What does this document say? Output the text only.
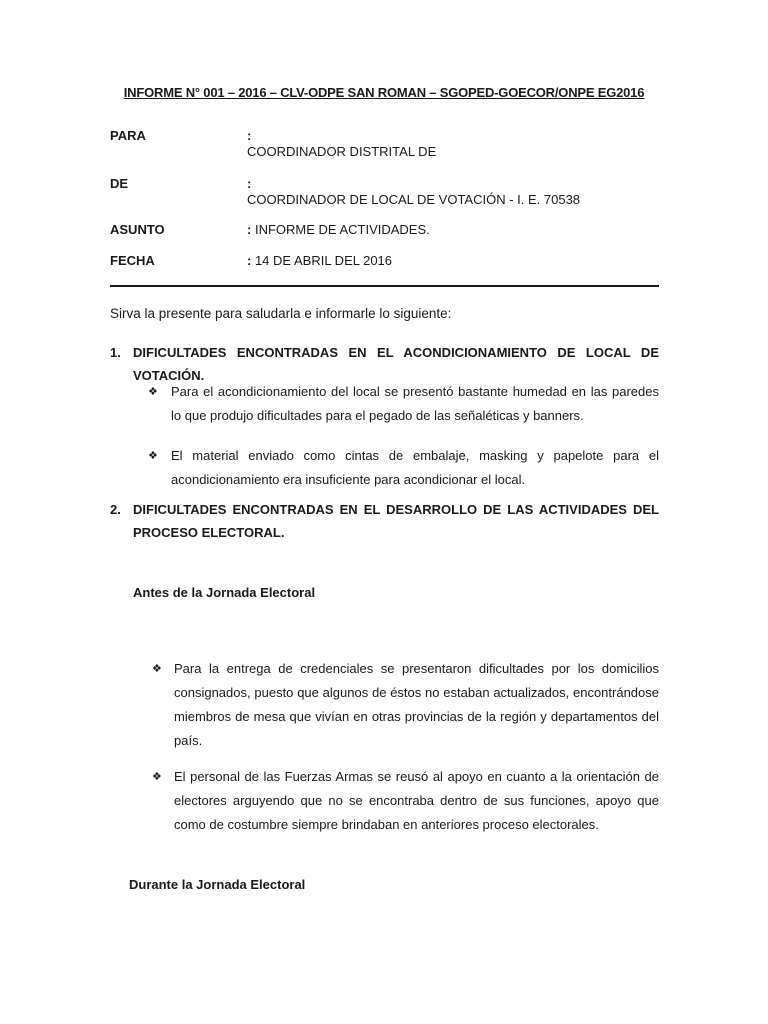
INFORME N° 001 – 2016 – CLV-ODPE SAN ROMAN – SGOPED-GOECOR/ONPE EG2016
PARA	:
COORDINADOR DISTRITAL DE
DE	:
COORDINADOR DE LOCAL DE VOTACIÓN - I. E. 70538
ASUNTO	: INFORME DE ACTIVIDADES.
FECHA	: 14 DE ABRIL DEL 2016
Sirva la presente para saludarla e informarle lo siguiente:
1. DIFICULTADES ENCONTRADAS EN EL ACONDICIONAMIENTO DE LOCAL DE VOTACIÓN.
❖ Para el acondicionamiento del local se presentó bastante humedad en las paredes lo que produjo dificultades para el pegado de las señaléticas y banners.
❖ El material enviado como cintas de embalaje, masking y papelote para el acondicionamiento era insuficiente para acondicionar el local.
2. DIFICULTADES ENCONTRADAS EN EL DESARROLLO DE LAS ACTIVIDADES DEL PROCESO ELECTORAL.
Antes de la Jornada Electoral
❖ Para la entrega de credenciales se presentaron dificultades por los domicilios consignados, puesto que algunos de éstos no estaban actualizados, encontrándose miembros de mesa que vivían en otras provincias de la región y departamentos del país.
❖ El personal de las Fuerzas Armas se reusó al apoyo en cuanto a la orientación de electores arguyendo que no se encontraba dentro de sus funciones, apoyo que como de costumbre siempre brindaban en anteriores proceso electorales.
Durante la Jornada Electoral
